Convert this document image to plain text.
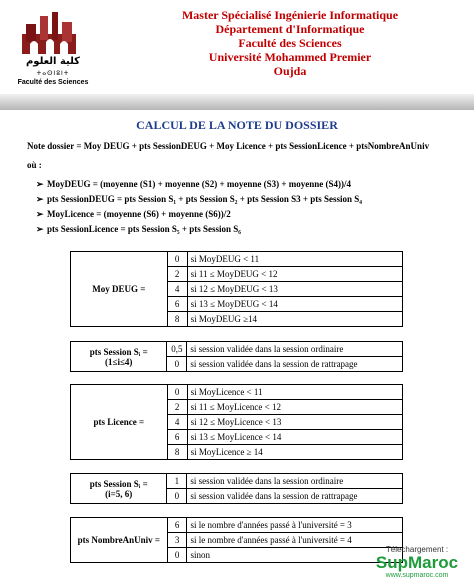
كلية العلوم
ⵜⴰⵙⵏⵓⵏⵜ
Faculté des Sciences
Master Spécialisé Ingénierie Informatique
Département d'Informatique
Faculté des Sciences
Université Mohammed Premier
Oujda
CALCUL DE LA NOTE DU DOSSIER
Note dossier = Moy DEUG + pts SessionDEUG + Moy Licence + pts SessionLicence + ptsNombreAnUniv
où :
➢ MoyDEUG = (moyenne (S1) + moyenne (S2) + moyenne (S3) + moyenne (S4))/4
➢ pts SessionDEUG = pts Session S₁ + pts Session S₂ + pts Session S3 + pts Session S₄
➢ MoyLicence = (moyenne (S6) + moyenne (S6))/2
➢ pts SessionLicence = pts Session S₅ + pts Session S₆
Moy DEUG =	0	si MoyDEUG < 11
	2	si 11 ≤ MoyDEUG < 12
	4	si 12 ≤ MoyDEUG < 13
	6	si 13 ≤ MoyDEUG < 14
	8	si MoyDEUG ≥14
pts Session Sᵢ =
(1≤i≤4)	0,5	si session validée dans la session ordinaire
	0	si session validée dans la session de rattrapage
pts Licence =	0	si MoyLicence < 11
	2	si 11 ≤ MoyLicence < 12
	4	si 12 ≤ MoyLicence < 13
	6	si 13 ≤ MoyLicence < 14
	8	si MoyLicence ≥ 14
pts Session Sᵢ =
(i=5, 6)	1	si session validée dans la session ordinaire
	0	si session validée dans la session de rattrapage
pts NombreAnUniv =	6	si le nombre d'années passé à l'université = 3
	3	si le nombre d'années passé à l'université = 4
	0	sinon
Télechargement :
SupMaroc
www.supmaroc.com
